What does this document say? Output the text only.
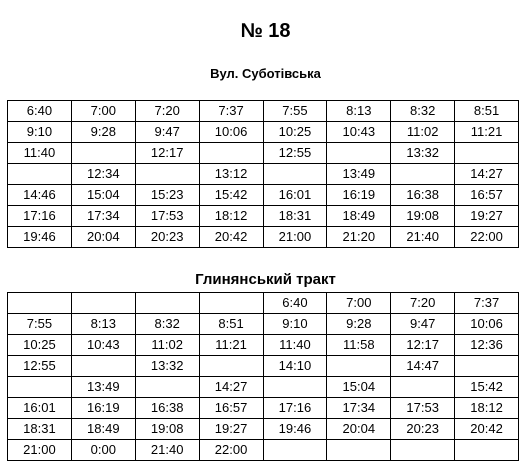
№ 18
Вул. Суботівська
6:40	7:00	7:20	7:37	7:55	8:13	8:32	8:51
9:10	9:28	9:47	10:06	10:25	10:43	11:02	11:21
11:40		12:17		12:55		13:32	
	12:34		13:12		13:49		14:27
14:46	15:04	15:23	15:42	16:01	16:19	16:38	16:57
17:16	17:34	17:53	18:12	18:31	18:49	19:08	19:27
19:46	20:04	20:23	20:42	21:00	21:20	21:40	22:00
Глинянський тракт
				6:40	7:00	7:20	7:37
7:55	8:13	8:32	8:51	9:10	9:28	9:47	10:06
10:25	10:43	11:02	11:21	11:40	11:58	12:17	12:36
12:55		13:32		14:10		14:47	
	13:49		14:27		15:04		15:42
16:01	16:19	16:38	16:57	17:16	17:34	17:53	18:12
18:31	18:49	19:08	19:27	19:46	20:04	20:23	20:42
21:00	0:00	21:40	22:00				
